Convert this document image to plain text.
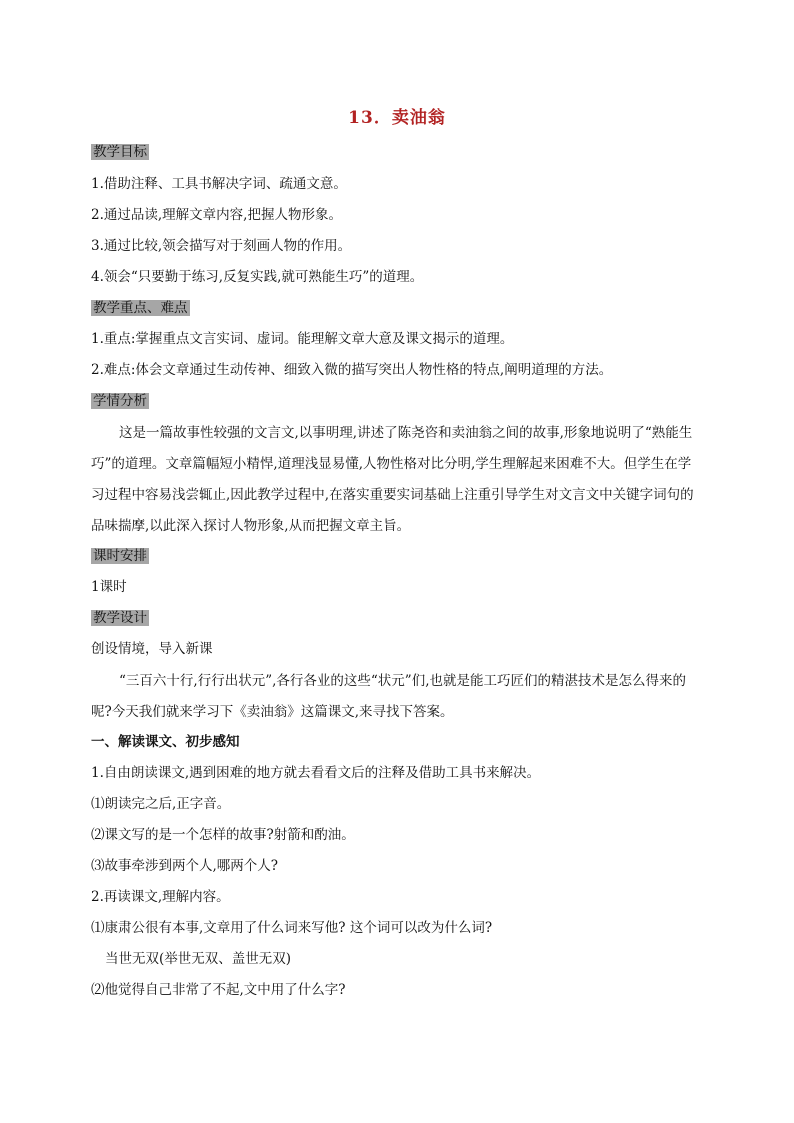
13．卖油翁
教学目标
1.借助注释、工具书解决字词、疏通文意。
2.通过品读,理解文章内容,把握人物形象。
3.通过比较,领会描写对于刻画人物的作用。
4.领会“只要勤于练习,反复实践,就可熟能生巧”的道理。
教学重点、难点
1.重点:掌握重点文言实词、虚词。能理解文章大意及课文揭示的道理。
2.难点:体会文章通过生动传神、细致入微的描写突出人物性格的特点,阐明道理的方法。
学情分析
这是一篇故事性较强的文言文,以事明理,讲述了陈尧咨和卖油翁之间的故事,形象地说明了“熟能生巧”的道理。文章篇幅短小精悍,道理浅显易懂,人物性格对比分明,学生理解起来困难不大。但学生在学习过程中容易浅尝辄止,因此教学过程中,在落实重要实词基础上注重引导学生对文言文中关键字词句的品味揣摩,以此深入探讨人物形象,从而把握文章主旨。
课时安排
1课时
教学设计
创设情境，导入新课
“三百六十行,行行出状元”,各行各业的这些“状元”们,也就是能工巧匠们的精湛技术是怎么得来的呢?今天我们就来学习下《卖油翁》这篇课文,来寻找下答案。
一、解读课文、初步感知
1.自由朗读课文,遇到困难的地方就去看看文后的注释及借助工具书来解决。
⑴朗读完之后,正字音。
⑵课文写的是一个怎样的故事?射箭和酌油。
⑶故事牵涉到两个人,哪两个人?
2.再读课文,理解内容。
⑴康肃公很有本事,文章用了什么词来写他? 这个词可以改为什么词?
当世无双(举世无双、盖世无双)
⑵他觉得自己非常了不起,文中用了什么字?
